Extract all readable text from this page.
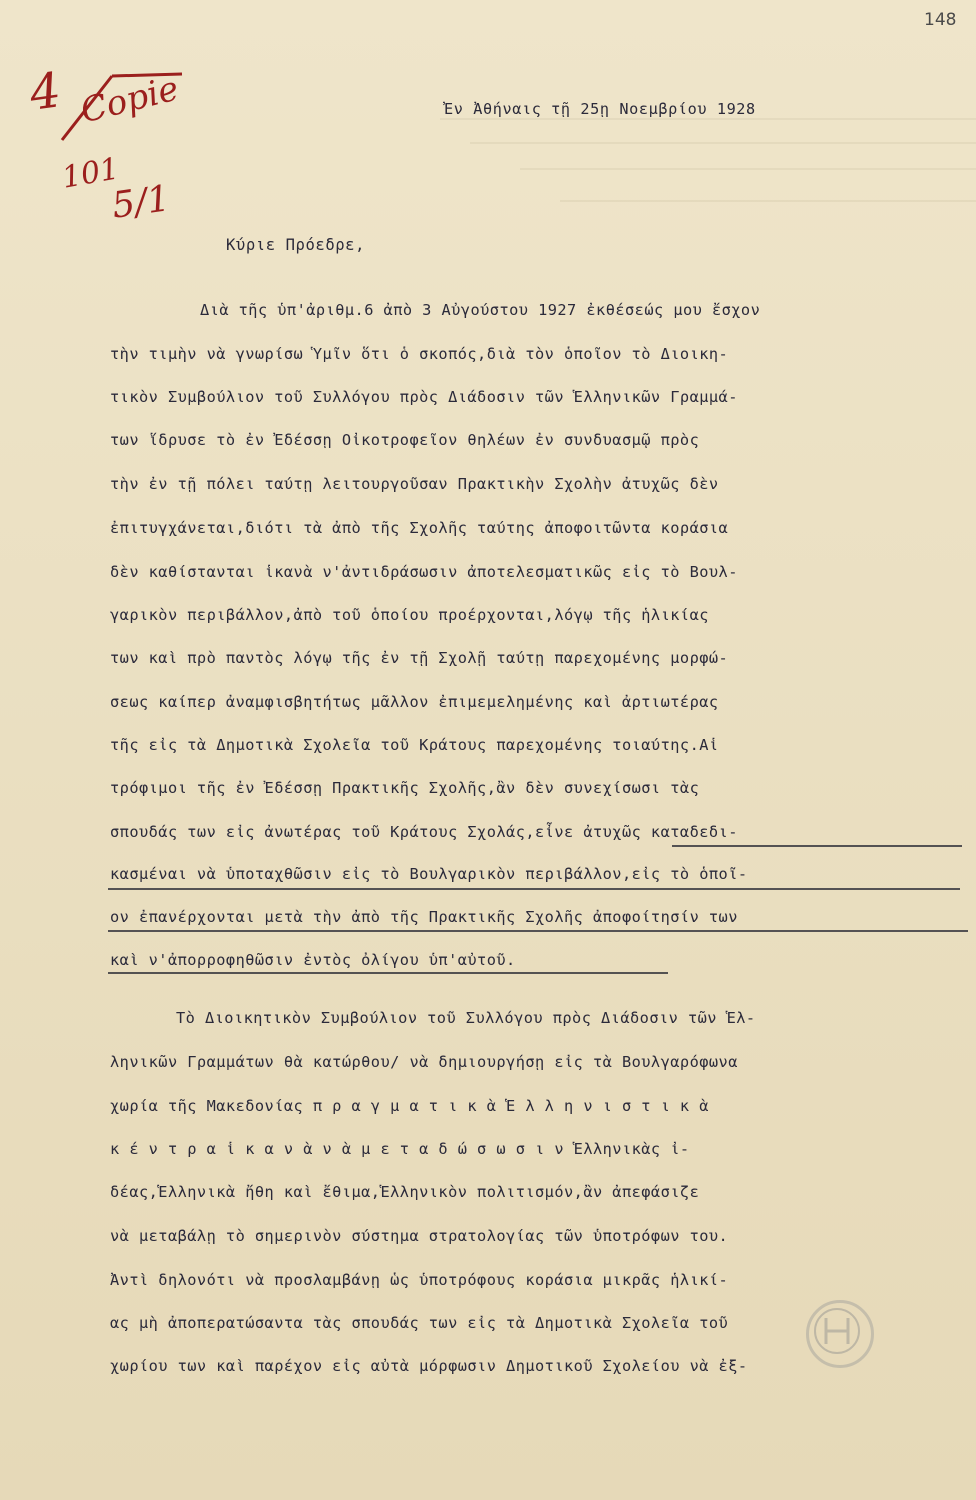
148
4 Copie
101
5/1
Ἐν Ἀθήναις τῇ 25ῃ Νοεμβρίου 1928
Κύριε Πρόεδρε,
Διὰ τῆς ὑπ'ἀριθμ.6 ἀπὸ 3 Αὐγούστου 1927 ἐκθέσεώς μου ἔσχον
τὴν τιμὴν νὰ γνωρίσω Ὑμῖν ὅτι ὁ σκοπός,διὰ τὸν ὁποῖον τὸ Διοικη-
τικὸν Συμβούλιον τοῦ Συλλόγου πρὸς Διάδοσιν τῶν Ἑλληνικῶν Γραμμά-
των ἵδρυσε τὸ ἐν Ἐδέσσῃ Οἰκοτροφεῖον θηλέων ἐν συνδυασμῷ πρὸς
τὴν ἐν τῇ πόλει ταύτῃ λειτουργοῦσαν Πρακτικὴν Σχολὴν ἀτυχῶς δὲν
ἐπιτυγχάνεται,διότι τὰ ἀπὸ τῆς Σχολῆς ταύτης ἀποφοιτῶντα κοράσια
δὲν καθίστανται ἱκανὰ ν'ἀντιδράσωσιν ἀποτελεσματικῶς εἰς τὸ Βουλ-
γαρικὸν περιβάλλον,ἀπὸ τοῦ ὁποίου προέρχονται,λόγῳ τῆς ἡλικίας
των καὶ πρὸ παντὸς λόγῳ τῆς ἐν τῇ Σχολῇ ταύτῃ παρεχομένης μορφώ-
σεως καίπερ ἀναμφισβητήτως μᾶλλον ἐπιμεμελημένης καὶ ἀρτιωτέρας
τῆς εἰς τὰ Δημοτικὰ Σχολεῖα τοῦ Κράτους παρεχομένης τοιαύτης.Αἱ
τρόφιμοι τῆς ἐν Ἐδέσσῃ Πρακτικῆς Σχολῆς,ἂν δὲν συνεχίσωσι τὰς
σπουδάς των εἰς ἀνωτέρας τοῦ Κράτους Σχολάς,εἶνε ἀτυχῶς καταδεδι-
κασμέναι νὰ ὑποταχθῶσιν εἰς τὸ Βουλγαρικὸν περιβάλλον,εἰς τὸ ὁποῖ-
ον ἐπανέρχονται μετὰ τὴν ἀπὸ τῆς Πρακτικῆς Σχολῆς ἀποφοίτησίν των
καὶ ν'ἀπορροφηθῶσιν ἐντὸς ὀλίγου ὑπ'αὐτοῦ.
Τὸ Διοικητικὸν Συμβούλιον τοῦ Συλλόγου πρὸς Διάδοσιν τῶν Ἑλ-
ληνικῶν Γραμμάτων θὰ κατώρθου/ νὰ δημιουργήσῃ εἰς τὰ Βουλγαρόφωνα
χωρία τῆς Μακεδονίας π ρ α γ μ α τ ι κ ὰ Ἑ λ λ η ν ι σ τ ι κ ὰ
κ έ ν τ ρ α ἱ κ α ν ὰ ν ὰ μ ε τ α δ ώ σ ω σ ι ν Ἑλληνικὰς ἰ-
δέας,Ἑλληνικὰ ἤθη καὶ ἔθιμα,Ἑλληνικὸν πολιτισμόν,ἂν ἀπεφάσιζε
νὰ μεταβάλῃ τὸ σημερινὸν σύστημα στρατολογίας τῶν ὑποτρόφων του.
Ἀντὶ δηλονότι νὰ προσλαμβάνῃ ὡς ὑποτρόφους κοράσια μικρᾶς ἡλικί-
ας μὴ ἀποπερατώσαντα τὰς σπουδάς των εἰς τὰ Δημοτικὰ Σχολεῖα τοῦ
χωρίου των καὶ παρέχον εἰς αὐτὰ μόρφωσιν Δημοτικοῦ Σχολείου νὰ ἐξ-
